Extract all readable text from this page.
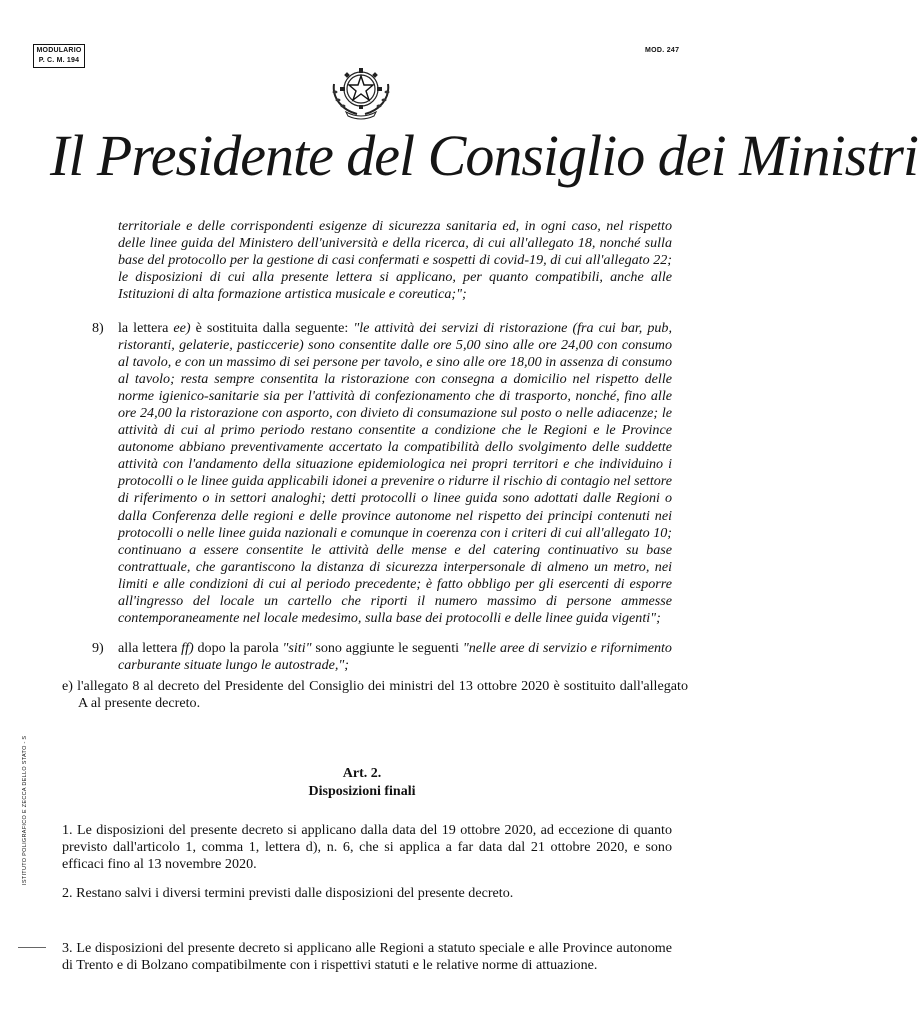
MODULARIO
P. C. M. 194
MOD. 247
Il Presidente del Consiglio dei Ministri
territoriale e delle corrispondenti esigenze di sicurezza sanitaria ed, in ogni caso, nel rispetto delle linee guida del Ministero dell'università e della ricerca, di cui all'allegato 18, nonché sulla base del protocollo per la gestione di casi confermati e sospetti di covid-19, di cui all'allegato 22; le disposizioni di cui alla presente lettera si applicano, per quanto compatibili, anche alle Istituzioni di alta formazione artistica musicale e coreutica;";
8) la lettera ee) è sostituita dalla seguente: "le attività dei servizi di ristorazione (fra cui bar, pub, ristoranti, gelaterie, pasticcerie) sono consentite dalle ore 5,00 sino alle ore 24,00 con consumo al tavolo, e con un massimo di sei persone per tavolo, e sino alle ore 18,00 in assenza di consumo al tavolo; resta sempre consentita la ristorazione con consegna a domicilio nel rispetto delle norme igienico-sanitarie sia per l'attività di confezionamento che di trasporto, nonché, fino alle ore 24,00 la ristorazione con asporto, con divieto di consumazione sul posto o nelle adiacenze; le attività di cui al primo periodo restano consentite a condizione che le Regioni e le Province autonome abbiano preventivamente accertato la compatibilità dello svolgimento delle suddette attività con l'andamento della situazione epidemiologica nei propri territori e che individuino i protocolli o le linee guida applicabili idonei a prevenire o ridurre il rischio di contagio nel settore di riferimento o in settori analoghi; detti protocolli o linee guida sono adottati dalle Regioni o dalla Conferenza delle regioni e delle province autonome nel rispetto dei principi contenuti nei protocolli o nelle linee guida nazionali e comunque in coerenza con i criteri di cui all'allegato 10; continuano a essere consentite le attività delle mense e del catering continuativo su base contrattuale, che garantiscono la distanza di sicurezza interpersonale di almeno un metro, nei limiti e alle condizioni di cui al periodo precedente; è fatto obbligo per gli esercenti di esporre all'ingresso del locale un cartello che riporti il numero massimo di persone ammesse contemporaneamente nel locale medesimo, sulla base dei protocolli e delle linee guida vigenti";
9) alla lettera ff) dopo la parola "siti" sono aggiunte le seguenti "nelle aree di servizio e rifornimento carburante situate lungo le autostrade,";
e) l'allegato 8 al decreto del Presidente del Consiglio dei ministri del 13 ottobre 2020 è sostituito dall'allegato A al presente decreto.
ISTITUTO POLIGRAFICO E ZECCA DELLO STATO - S	Art. 2.
Disposizioni finali
1. Le disposizioni del presente decreto si applicano dalla data del 19 ottobre 2020, ad eccezione di quanto previsto dall'articolo 1, comma 1, lettera d), n. 6, che si applica a far data dal 21 ottobre 2020, e sono efficaci fino al 13 novembre 2020.
2. Restano salvi i diversi termini previsti dalle disposizioni del presente decreto.
3. Le disposizioni del presente decreto si applicano alle Regioni a statuto speciale e alle Province autonome di Trento e di Bolzano compatibilmente con i rispettivi statuti e le relative norme di attuazione.
